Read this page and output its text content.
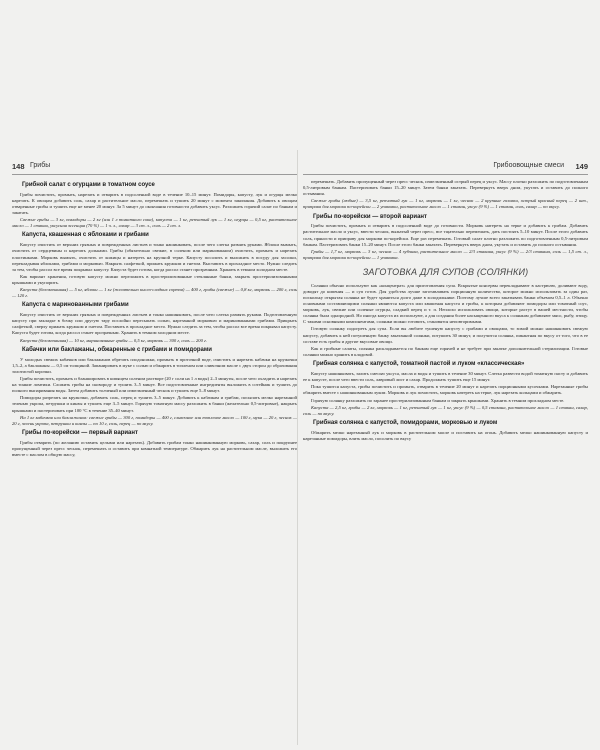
148 Грибы
Грибной салат с огурцами в томатном соусе

Грибы почистить, промыть, нарезать и отварить в подсоленной воде в течение 10–15 минут. Помидоры, капусту, лук и огурцы мелко нарезать. К овощам добавить соль, сахар и растительное масло, перемешать и тушить 20 минут с момента закипания. Добавить к овощам отваренные грибы и тушить еще не менее 20 минут. За 5 минут до окончания готовности добавить уксус. Разложить горячий салат по банкам и закатать.

Свежие грибы — 3 кг, помидоры — 2 кг (или 1 л томатного сока), капуста — 1 кг, репчатый лук — 1 кг, огурцы — 0,5 кг, растительное масло — 1 стакан, уксусная эссенция (70 %) — 1 ч. л., сахар — 3 ст. л., соль — 2 ст. л.

Капуста, квашенная с яблоками и грибами

Капусту очистить от верхних грязных и поврежденных листьев и тонко нашинковать, после чего слегка размять руками. Яблоки вымыть, очистить от сердцевины и нарезать дольками. Грибы (обязательно свежие, в соленом или маринованном) очистить, промыть и нарезать пластинками. Морковь вымыть, очистить от кожицы и натереть на крупной терке. Капусту посолить и выложить в посуду для засолки, перекладывая яблоками, грибами и морковью. Накрыть салфеткой, прижать кружком и гнетом. Выставить в прохладное место. Нужно следить за тем, чтобы рассол все время покрывал капусту. Капуста будет готова, когда рассол станет прозрачным. Хранить в темном холодном месте.

Как вариант хранения, готовую капусту можно переложить в простерилизованные стеклянные банки, закрыть простерилизованными крышками и укупорить.

Капуста (белокочанная) — 5 кг, яблоки — 1 кг (желательно кисло-сладких сортов) — 400 г, грибы (свежие) — 0,8 кг, морковь — 200 г, соль — 120 г.

Капуста с маринованными грибами

Капусту очистить от верхних грязных и поврежденных листьев и тонко нашинковать, после чего слегка размять руками. Подготовленную капусту при закладке в бочку или другую тару послойно пересыпать солью, нарезанной морковью и маринованными грибами. Прикрыть салфеткой, сверху прижать кружком и гнетом. Поставить в прохладное место. Нужно следить за тем, чтобы рассол все время покрывал капусту. Капуста будет готова, когда рассол станет прозрачным. Хранить в темном холодном месте.

Капуста (белокочанная) — 10 кг, маринованные грибы — 0,5 кг, морковь — 300 г, соль — 200 г.

Кабачки или баклажаны, обжаренные с грибами и помидорами

У молодых свежих кабачков или баклажанов обрезать плодоножки, промыть в проточной воде, очистить и нарезать кабачки на кружочки 1,5–2, а баклажаны — 0,5 см толщиной. Запанировать в муке с солью и обжарить в топленом или сливочном масле с двух сторон до образования золотистой корочки.

Грибы почистить, промыть и бланшировать в кипящем соленом растворе (20 г соли на 1 л воды) 2–3 минуты, после чего охладить и нарезать на тонкие ломтики. Сложить грибы на сковороду и тушить 3–5 минут. Все подготовленные ингредиенты выложить в сотейник и тушить до полного выпаривания воды. Затем добавить толченый или измельченный чеснок и тушить еще 5–8 минут.

Помидоры разрезать на кружочки, добавить соль, перец и тушить 3–5 минут. Добавить к кабачкам и грибам, посыпать мелко нарезанной зеленью укропа, петрушки и кинзы и тушить еще 3–5 минут. Горячую томатную массу разложить в банки (желательно 0,5-литровые), накрыть крышками и пастеризовать при 100 °С в течение 35–40 минут.

На 1 кг кабачков или баклажанов: свежие грибы — 300 г, помидоры — 400 г, сливочное или топленое масло — 100 г, мука — 20 г, чеснок — 20 г, зелень укропа, петрушки и кинзы — по 10 г, соль, перец — по вкусу.

Грибы по-корейски — первый вариант

Грибы отварить (по желанию оставить целыми или нарезать). Добавить грибам тонко нашинкованную морковь, сахар, соль и покрупнее пропущенный через пресс чеснок, перемешать и оставить при комнатной температуре. Обжарить лук на растительном масле, выложить его вместе с маслом в общую массу,

Грибоовощные смеси 149

перемешать. Добавить пропущенный через пресс чеснок, измельченный острый перец и уксус. Массу плотно разложить по подготовленным 0,5-литровым банкам. Пастеризовать банки 15–20 минут. Затем банки закатать. Перевернуть вверх дном, укутать и оставить до полного остывания.

Свежие грибы (любые) — 3,5 кг, репчатый лук — 1 кг, морковь — 1 кг, чеснок — 2 крупные головки, острый красный перец — 2 шт., приправа для моркови по-корейски — 2 упаковки, растительное масло — 1 стакан, уксус (9 %) — 1 стакан, соль, сахар — по вкусу.

Грибы по-корейски — второй вариант

Грибы почистить, промыть и отварить в подсоленной воде до готовности. Морковь натереть на терке и добавить к грибам. Добавить растительное масло и уксус, ввести чеснок, выжатый через пресс, все тщательно перемешать, дать постоять 5–10 минут. После этого добавить соль, пряности и приправу для моркови по-корейски. Еще раз перемешать. Готовый салат плотно разложить по подготовленным 0,5-литровым банкам. Пастеризовать банки 15–20 минут. После этого банки закатать. Перевернуть вверх дном, укутать и оставить до полного остывания.

Грибы — 1,7 кг, морковь — 3 кг, чеснок — 4 зубчика, растительное масло — 2/3 стакана, уксус (9 %) — 2/3 стакана, соль — 1,5 ст. л., приправа для моркови по-корейски — 1 упаковка.

ЗАГОТОВКА ДЛЯ СУПОВ (СОЛЯНКИ)

Солянки обычно используют как «концентрат» для приготовления супа. Вскрытые консервы перекладывают в кастрюлю, доливают воду, доводят до кипения — и суп готов. Для удобства лучше заготавливать порционную количество, которое можно использовать за один раз, поскольку открытая солянка не будет храниться долго даже в холодильнике. Поэтому лучше всего закатывать банки объемом 0,5–1 л. Обычно основными составляющими солянки являются капуста или квашеная капуста и грибы, к которым добавляют помидоры или томатный соус, морковь, лук, свежие или соленые огурцы, сладкий перец и т. п. Неплохо использовать овощи, которые растут в вашей местности, чтобы солянка была однородной. Но иногда капуста их используют, а для создания более насыщенного вкуса к солянкам добавляют мясо, рыбу, птицу. С такими основными компонентами, солянки можно готовить, становятся неповторимыми.

Готовую солянку подогреть для супа. Если вы любите тушеную капусту с грибами и овощами, то зимой можно нашинковать свежую капусту, добавить к ней потушенную банку закатанной солянки, потушить 30 минут, и получится солянка, пикантная по вкусу от того, что в ее составе есть грибы и другие вкусовые овощи.

Как и грибные салаты, солянка раскладывается по банкам еще горячей и не требует при закатке дополнительной стерилизации. Готовые солянки можно хранить в кладовой.

Грибная солянка с капустой, томатной пастой и луком «классическая»

Капусту нашинковать, залить смесью уксуса, масла и воды и тушить в течение 30 минут. Слегка развести водой томатную пасту и добавить ее к капусте, после чего ввести соль, лавровый лист и сахар. Продолжать тушить еще 15 минут.

Пока тушится капуста, грибы почистить и промыть, отварить в течение 20 минут и нарезать порционными кусочками. Нарезанные грибы обжарить вместе с нашинкованным луком. Морковь и лук почистить, морковь натереть на терке, лук нарезать кольцами и обжарить.

Горячую солянку разложить по заранее простерилизованным банкам и закрыть крышками. Хранить в темном прохладном месте.

Капуста — 2,5 кг, грибы — 2 кг, морковь — 1 кг, репчатый лук — 1 кг, уксус (9 %) — 0,5 стакана, растительное масло — 1 стакан, сахар, соль — по вкусу.

Грибная солянка с капустой, помидорами, морковью и луком

Обжарить мелко нарезанный лук и морковь в растительном масле и поставить на огонь. Добавить мелко нашинкованную капусту и нарезанные помидоры, влить масло, посолить по вкусу
